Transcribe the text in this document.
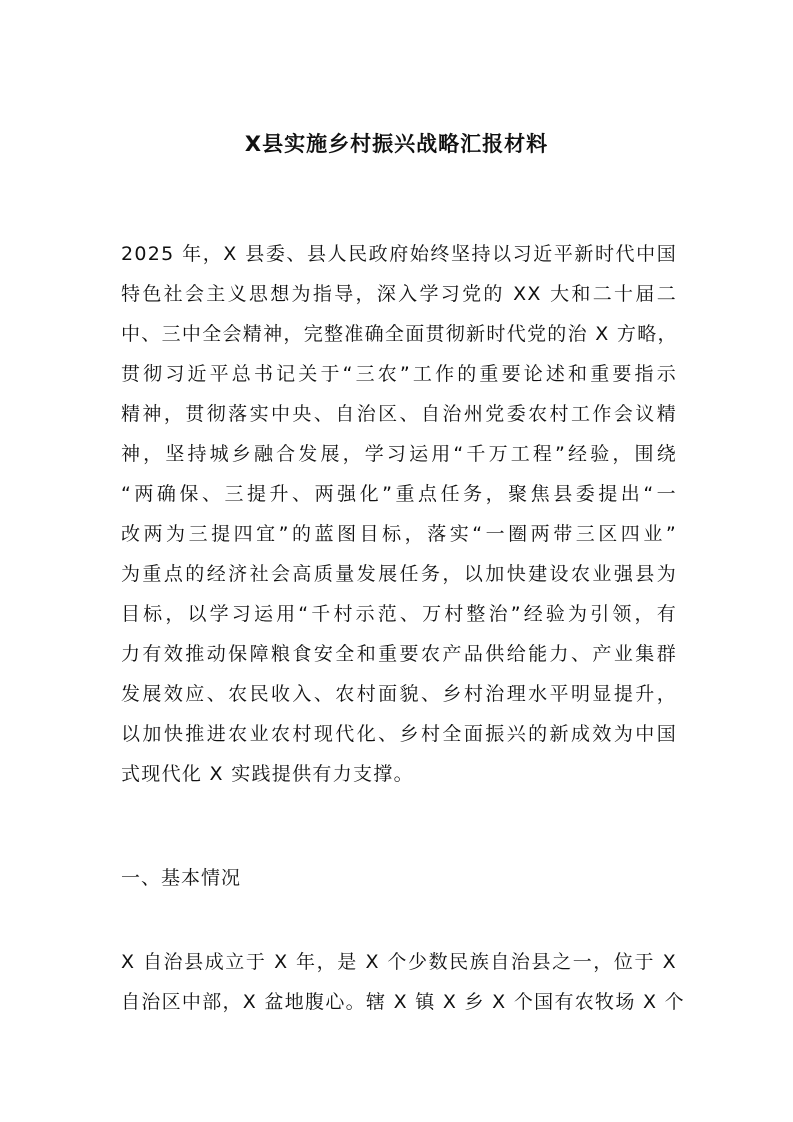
X县实施乡村振兴战略汇报材料
2025 年，X 县委、县人民政府始终坚持以习近平新时代中国
特色社会主义思想为指导，深入学习党的 XX 大和二十届二
中、三中全会精神，完整准确全面贯彻新时代党的治 X 方略，
贯彻习近平总书记关于“三农”工作的重要论述和重要指示
精神，贯彻落实中央、自治区、自治州党委农村工作会议精
神，坚持城乡融合发展，学习运用“千万工程”经验，围绕
“两确保、三提升、两强化”重点任务，聚焦县委提出“一
改两为三提四宜”的蓝图目标，落实“一圈两带三区四业”
为重点的经济社会高质量发展任务，以加快建设农业强县为
目标，以学习运用“千村示范、万村整治”经验为引领，有
力有效推动保障粮食安全和重要农产品供给能力、产业集群
发展效应、农民收入、农村面貌、乡村治理水平明显提升，
以加快推进农业农村现代化、乡村全面振兴的新成效为中国
式现代化 X 实践提供有力支撑。
一、基本情况
X 自治县成立于 X 年，是 X 个少数民族自治县之一，位于 X
自治区中部，X 盆地腹心。辖 X 镇 X 乡 X 个国有农牧场 X 个
